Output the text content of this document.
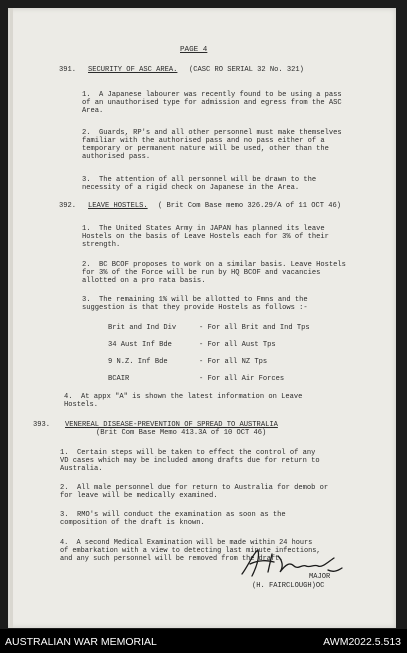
PAGE 4
391. SECURITY OF ASC AREA. (CASC RO SERIAL 32 No. 321)
1.  A Japanese labourer was recently found to be using a pass
of an unauthorised type for admission and egress from the ASC
Area.
2.  Guards, RP's and all other personnel must make themselves
familiar with the authorised pass and no pass either of a
temporary or permanent nature will be used, other than the
authorised pass.
3.  The attention of all personnel will be drawn to the
necessity of a rigid check on Japanese in the Area.
392. LEAVE HOSTELS. ( Brit Com Base memo 326.29/A of 11 OCT 46)
1.  The United States Army in JAPAN has planned its leave
Hostels on the basis of Leave Hostels each for 3% of their
strength.
2.  BC BCOF proposes to work on a similar basis. Leave Hostels
for 3% of the Force will be run by HQ BCOF and vacancies
allotted on a pro rata basis.
3.  The remaining 1% will be allotted to Fmns and the
suggestion is that they provide Hostels as follows :-
Brit and Ind Div	- For all Brit and Ind Tps
34 Aust Inf Bde	- For all Aust Tps
9 N.Z. Inf Bde	- For all NZ Tps
BCAIR	- For all Air Forces
4.  At appx "A" is shown the latest information on Leave
Hostels.
393. VENEREAL DISEASE-PREVENTION OF SPREAD TO AUSTRALIA
(Brit Com Base Memo 413.3A of 10 OCT 46)
1.  Certain steps will be taken to effect the control of any
VD cases which may be included among drafts due for return to
Australia.
2.  All male personnel due for return to Australia for demob or
for leave will be medically examined.
3.  RMO's will conduct the examination as soon as the
composition of the draft is known.
4.  A second Medical Examination will be made within 24 hours
of embarkation with a view to detecting last minute infections,
and any such personnel will be removed from the draft.
MAJOR
(H. FAIRCLOUGH)OC
AUSTRALIAN WAR MEMORIAL	AWM2022.5.513
